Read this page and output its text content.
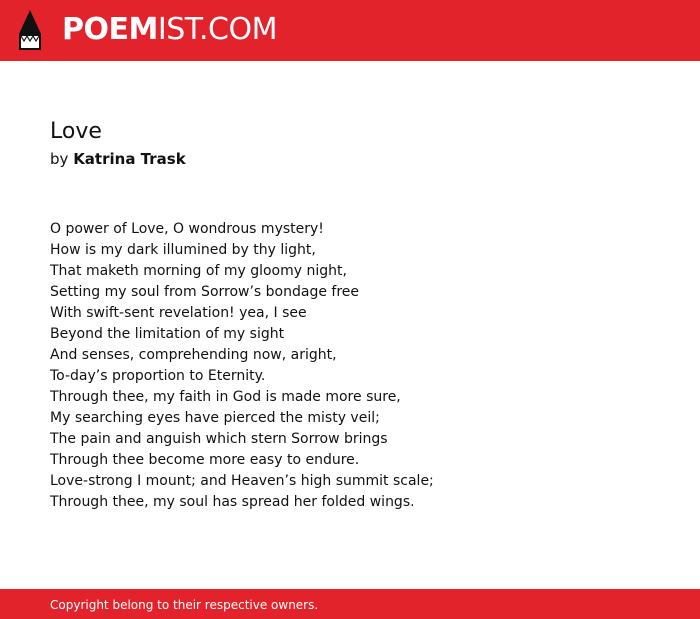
POEMIST.COM
Love
by Katrina Trask
O power of Love, O wondrous mystery!
How is my dark illumined by thy light,
That maketh morning of my gloomy night,
Setting my soul from Sorrow’s bondage free
With swift-sent revelation! yea, I see
Beyond the limitation of my sight
And senses, comprehending now, aright,
To-day’s proportion to Eternity.
Through thee, my faith in God is made more sure,
My searching eyes have pierced the misty veil;
The pain and anguish which stern Sorrow brings
Through thee become more easy to endure.
Love-strong I mount; and Heaven’s high summit scale;
Through thee, my soul has spread her folded wings.
Copyright belong to their respective owners.
